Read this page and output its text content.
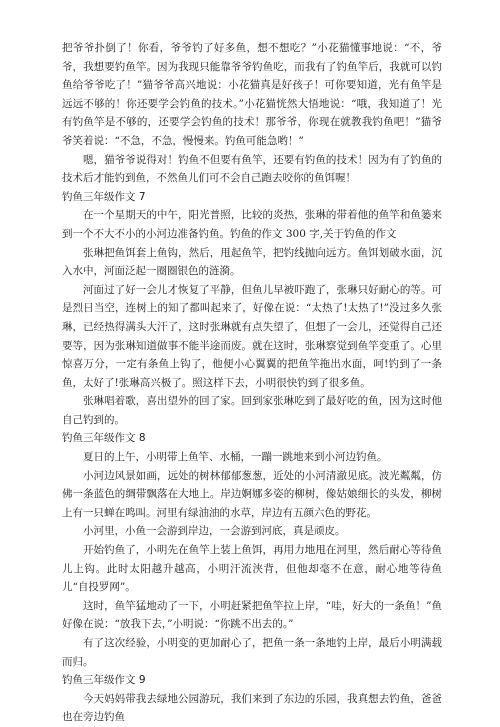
把爷爷扑倒了！你看，爷爷钓了好多鱼，想不想吃？”小花猫懂事地说：“不，爷爷，我想要钓鱼竿。因为我现只能靠爷爷钓鱼吃，而我有了钓鱼竿后，我就可以钓鱼给爷爷吃了！”猫爷爷高兴地说：小花猫真是好孩子！可你要知道，光有鱼竿是远远不够的！你还要学会钓鱼的技术。”小花猫恍然大悟地说：“哦，我知道了！光有钓鱼竿是不够的，还要学会钓鱼的技术！那爷爷，你现在就教我钓鱼吧！”猫爷爷笑着说：“不急，不急，慢慢来。钓鱼可能急哟！”

嗯，猫爷爷说得对！钓鱼不但要有鱼竿，还要有钓鱼的技术！因为有了钓鱼的技术后才能钓到鱼，不然鱼儿们可不会自己跑去咬你的鱼饵喔！

钓鱼三年级作文 7

在一个星期天的中午，阳光普照，比较的炎热，张琳的带着他的鱼竿和鱼篓来到一个不大不小的小河边准备钓鱼。钓鱼的作文 300 字,关于钓鱼的作文

张琳把鱼饵套上鱼钩，然后，甩起鱼竿，把钓线抛向远方。鱼饵划破水面，沉入水中，河面泛起一圈圈银色的涟漪。

河面过了好一会儿才恢复了平静，但鱼儿早被吓跑了，张琳只好耐心的等。可是烈日当空，连树上的知了都叫起来了，好像在说：“太热了!太热了!”没过多久张琳，已经热得满头大汗了，这时张琳就有点失望了，但想了一会儿，还觉得自己还要等，因为张琳知道做事不能半途而废。就在这时，张琳察觉到鱼竿变重了。心里惊喜万分，一定有条鱼上钩了，他便小心翼翼的把鱼竿拖出水面，呵!钓到了一条鱼，太好了!张琳高兴极了。照这样下去，小明很快钓到了很多鱼。

张琳唱着歌，喜出望外的回了家。回到家张琳吃到了最好吃的鱼，因为这时他自己钓到的。

钓鱼三年级作文 8

夏日的上午，小明带上鱼竿、水桶，一蹦一跳地来到小河边钓鱼。

小河边风景如画，远处的树林郁郁葱葱，近处的小河清澈见底。波光粼粼，仿佛一条蓝色的绸带飘落在大地上。岸边婀娜多姿的柳树，像姑娘细长的头发，柳树上有一只蝉在鸣叫。河里有绿油油的水草，岸边有五颜六色的野花。

小河里，小鱼一会游到岸边，一会游到河底，真是顽皮。

开始钓鱼了，小明先在鱼竿上装上鱼饵，再用力地甩在河里，然后耐心等待鱼儿上钩。此时太阳越升越高，小明汗流浃背，但他却毫不在意，耐心地等待鱼儿“自投罗网”。

这时，鱼竿猛地动了一下，小明赶紧把鱼竿拉上岸，“哇，好大的一条鱼！”鱼好像在说：“放我下去，”小明说：“你跳不出去的。”

有了这次经验，小明变的更加耐心了，把鱼一条一条地钓上岸，最后小明满载而归。

钓鱼三年级作文 9

今天妈妈带我去绿地公园游玩，我们来到了东边的乐园，我真想去钓鱼，爸爸也在旁边钓鱼
